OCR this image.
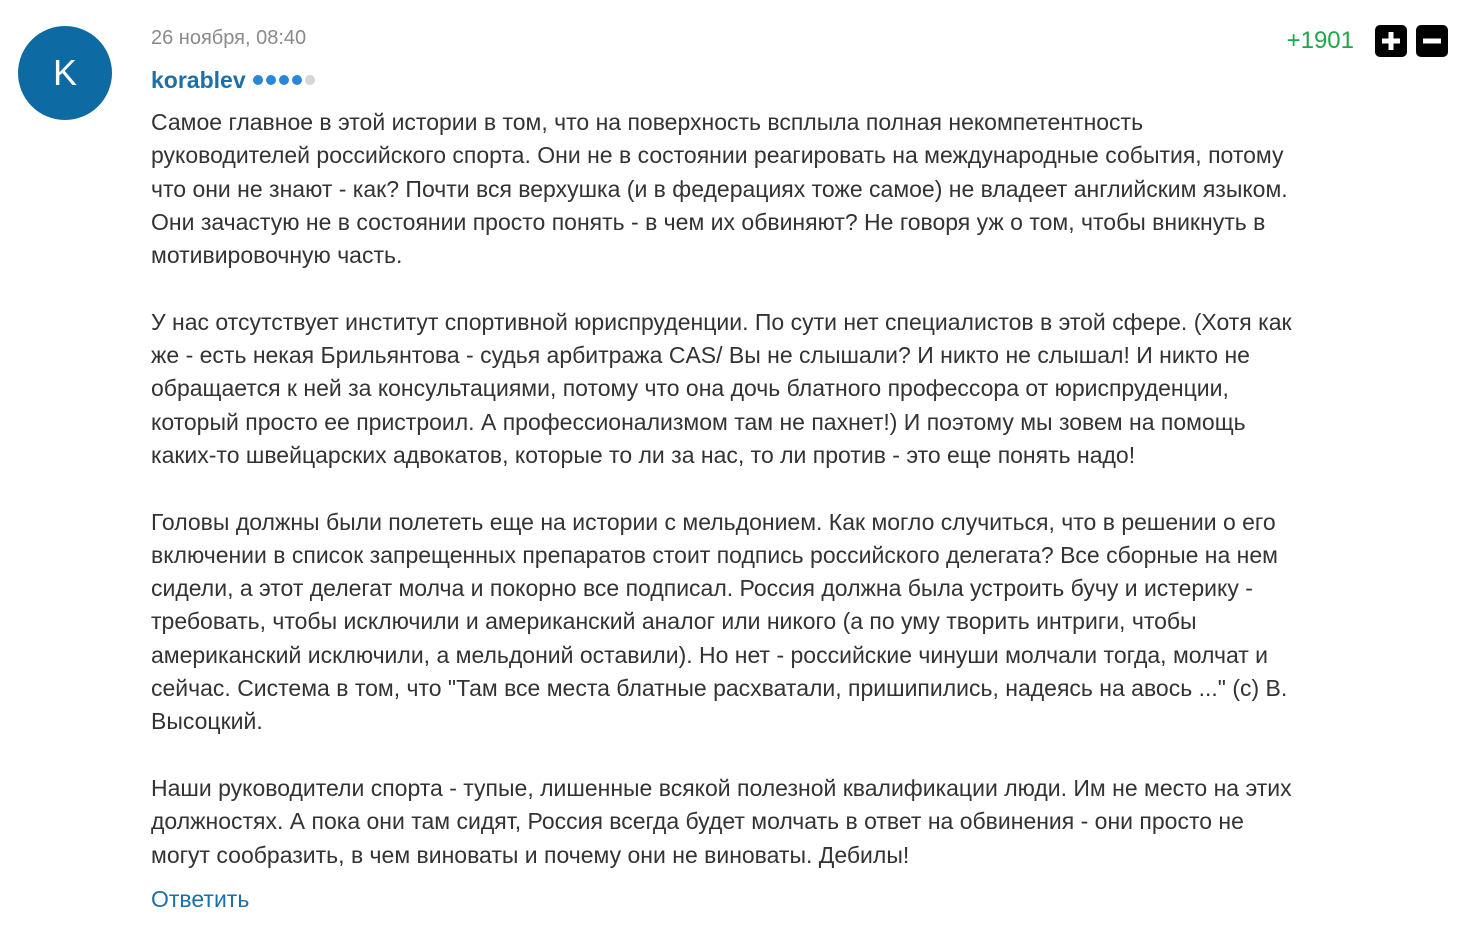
K
26 ноября, 08:40
korablev
+1901

Самое главное в этой истории в том, что на поверхность всплыла полная некомпетентность
руководителей российского спорта. Они не в состоянии реагировать на международные события, потому
что они не знают - как? Почти вся верхушка (и в федерациях тоже самое) не владеет английским языком.
Они зачастую не в состоянии просто понять - в чем их обвиняют? Не говоря уж о том, чтобы вникнуть в
мотивировочную часть.

У нас отсутствует институт спортивной юриспруденции. По сути нет специалистов в этой сфере. (Хотя как
же - есть некая Брильянтова - судья арбитража CAS/ Вы не слышали? И никто не слышал! И никто не
обращается к ней за консультациями, потому что она дочь блатного профессора от юриспруденции,
который просто ее пристроил. А профессионализмом там не пахнет!) И поэтому мы зовем на помощь
каких-то швейцарских адвокатов, которые то ли за нас, то ли против - это еще понять надо!

Головы должны были полететь еще на истории с мельдонием. Как могло случиться, что в решении о его
включении в список запрещенных препаратов стоит подпись российского делегата? Все сборные на нем
сидели, а этот делегат молча и покорно все подписал. Россия должна была устроить бучу и истерику -
требовать, чтобы исключили и американский аналог или никого (а по уму творить интриги, чтобы
американский исключили, а мельдоний оставили). Но нет - российские чинуши молчали тогда, молчат и
сейчас. Система в том, что "Там все места блатные расхватали, пришипились, надеясь на авось ..." (с) В.
Высоцкий.

Наши руководители спорта - тупые, лишенные всякой полезной квалификации люди. Им не место на этих
должностях. А пока они там сидят, Россия всегда будет молчать в ответ на обвинения - они просто не
могут сообразить, в чем виноваты и почему они не виноваты. Дебилы!

Ответить
